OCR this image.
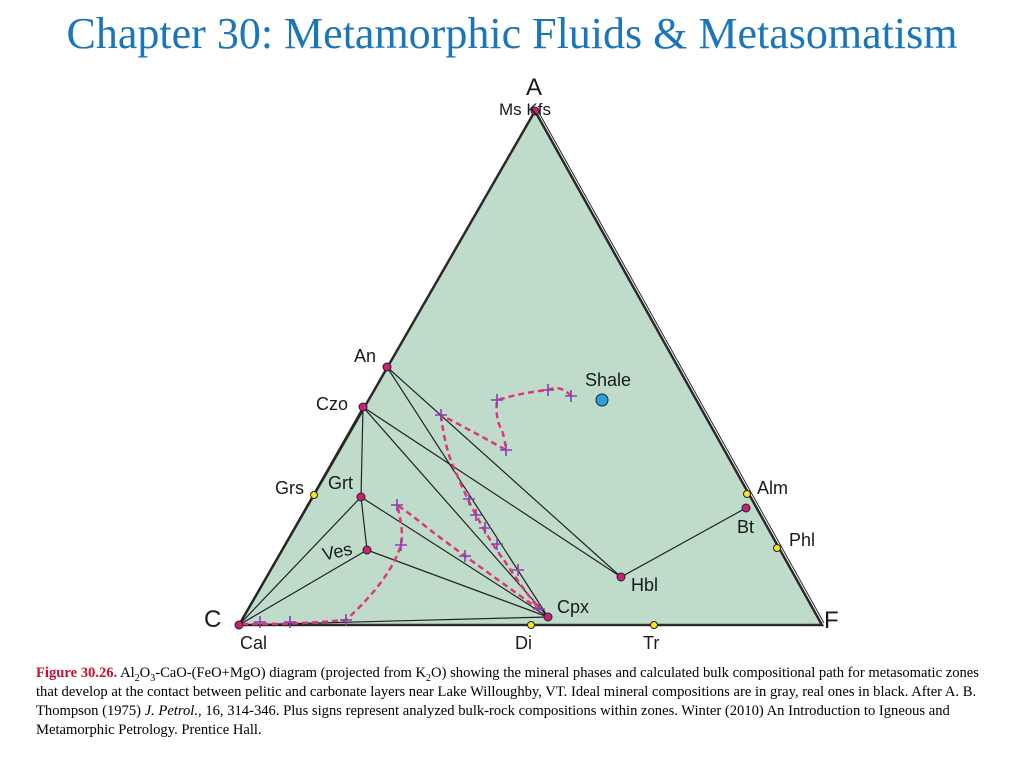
Chapter 30: Metamorphic Fluids & Metasomatism
A
C	F
Ms Kfs
An
Czo
Grs Grt
Ves
Cal	Di	Tr
Cpx
Hbl
Alm
Bt
Phl
Shale
Figure 30.26. $Al_2O_3-CaO-(FeO+MgO)$ diagram (projected from $K_2O$) showing the mineral phases and calculated bulk compositional path for metasomatic zones that develop at the contact between pelitic and carbonate layers near Lake Willoughby, VT. Ideal mineral compositions are in gray, real ones in black. After A. B. Thompson (1975) J. Petrol., 16, 314-346. Plus signs represent analyzed bulk-rock compositions within zones. Winter (2010) An Introduction to Igneous and Metamorphic Petrology. Prentice Hall.
